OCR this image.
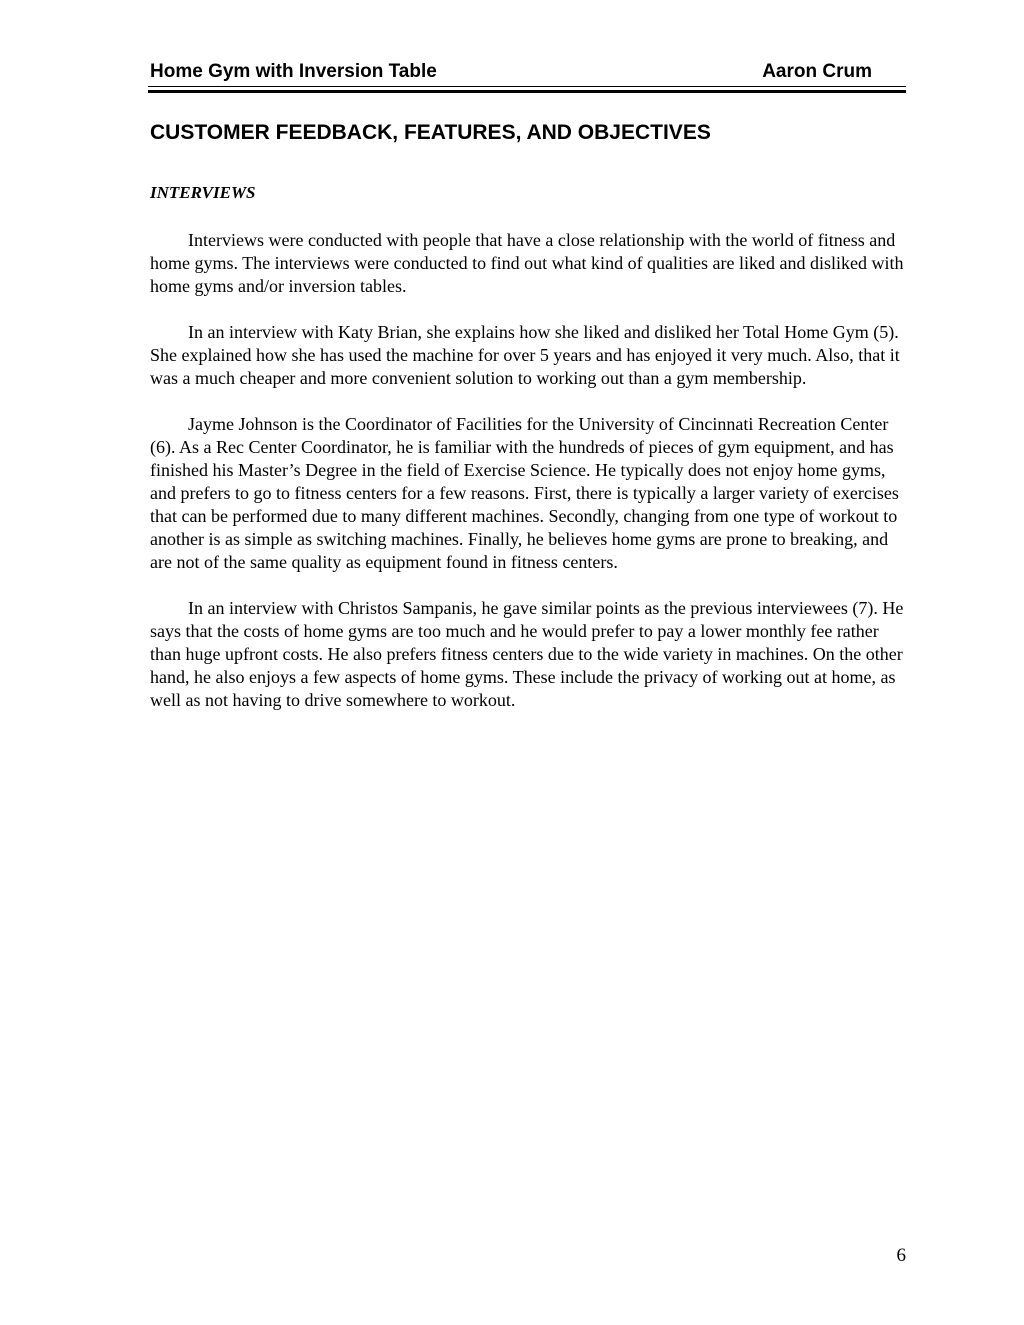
Home Gym with Inversion Table	Aaron Crum
CUSTOMER FEEDBACK, FEATURES, AND OBJECTIVES
INTERVIEWS

Interviews were conducted with people that have a close relationship with the world of fitness and home gyms. The interviews were conducted to find out what kind of qualities are liked and disliked with home gyms and/or inversion tables.

In an interview with Katy Brian, she explains how she liked and disliked her Total Home Gym (5). She explained how she has used the machine for over 5 years and has enjoyed it very much. Also, that it was a much cheaper and more convenient solution to working out than a gym membership.

Jayme Johnson is the Coordinator of Facilities for the University of Cincinnati Recreation Center (6). As a Rec Center Coordinator, he is familiar with the hundreds of pieces of gym equipment, and has finished his Master’s Degree in the field of Exercise Science. He typically does not enjoy home gyms, and prefers to go to fitness centers for a few reasons. First, there is typically a larger variety of exercises that can be performed due to many different machines. Secondly, changing from one type of workout to another is as simple as switching machines. Finally, he believes home gyms are prone to breaking, and are not of the same quality as equipment found in fitness centers.

In an interview with Christos Sampanis, he gave similar points as the previous interviewees (7). He says that the costs of home gyms are too much and he would prefer to pay a lower monthly fee rather than huge upfront costs. He also prefers fitness centers due to the wide variety in machines. On the other hand, he also enjoys a few aspects of home gyms. These include the privacy of working out at home, as well as not having to drive somewhere to workout.

6
